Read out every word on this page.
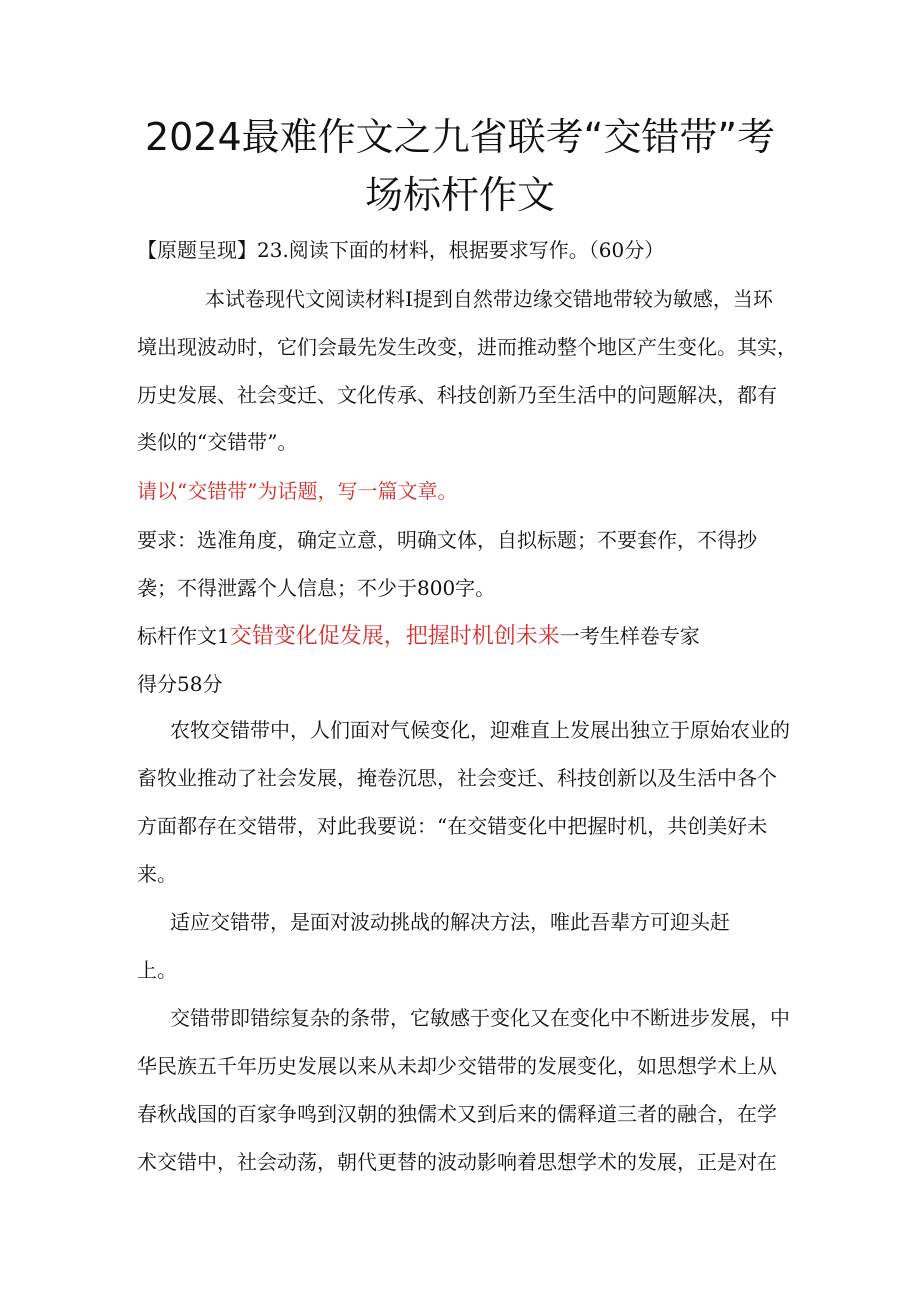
2024最难作文之九省联考“交错带”考
场标杆作文
【原题呈现】23.阅读下面的材料，根据要求写作。（60分）
本试卷现代文阅读材料Ⅰ提到自然带边缘交错地带较为敏感，当环
境出现波动时，它们会最先发生改变，进而推动整个地区产生变化。其实，
历史发展、社会变迁、文化传承、科技创新乃至生活中的问题解决，都有
类似的“交错带”。
请以“交错带”为话题，写一篇文章。
要求：选准角度，确定立意，明确文体，自拟标题；不要套作，不得抄
袭；不得泄露个人信息；不少于800字。
标杆作文1交错变化促发展，把握时机创未来一考生样卷专家
得分58分
农牧交错带中，人们面对气候变化，迎难直上发展出独立于原始农业的
畜牧业推动了社会发展，掩卷沉思，社会变迁、科技创新以及生活中各个
方面都存在交错带，对此我要说：“在交错变化中把握时机，共创美好未
来。
适应交错带，是面对波动挑战的解决方法，唯此吾辈方可迎头赶
上。
交错带即错综复杂的条带，它敏感于变化又在变化中不断进步发展，中
华民族五千年历史发展以来从未却少交错带的发展变化，如思想学术上从
春秋战国的百家争鸣到汉朝的独儒术又到后来的儒释道三者的融合，在学
术交错中，社会动荡，朝代更替的波动影响着思想学术的发展，正是对在
